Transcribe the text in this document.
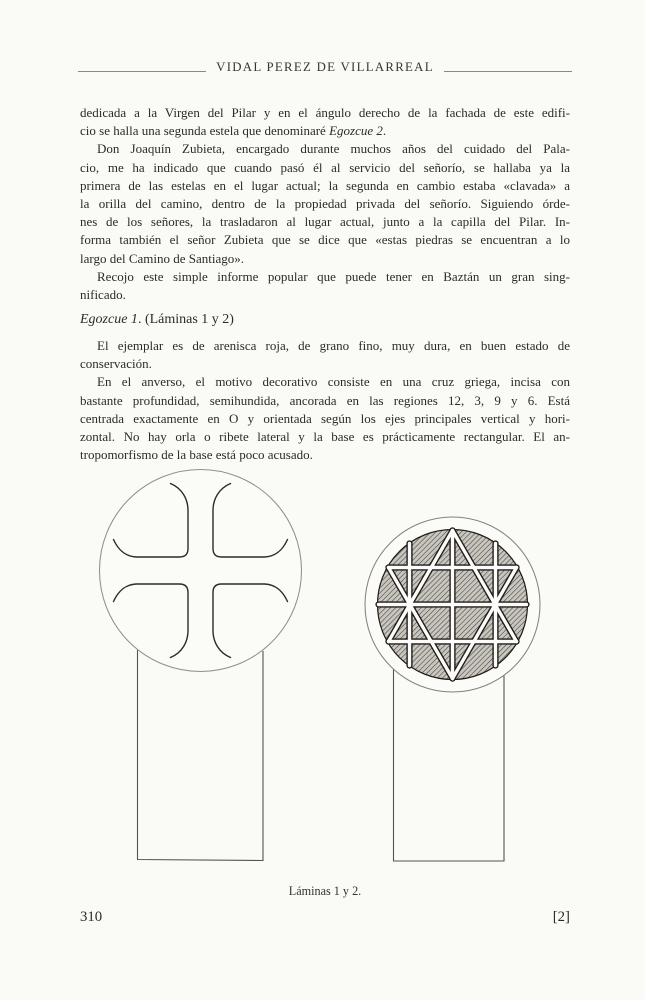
VIDAL PEREZ DE VILLARREAL
dedicada a la Virgen del Pilar y en el ángulo derecho de la fachada de este edifi-
cio se halla una segunda estela que denominaré Egozcue 2.
Don Joaquín Zubieta, encargado durante muchos años del cuidado del Pala-
cio, me ha indicado que cuando pasó él al servicio del señorío, se hallaba ya la
primera de las estelas en el lugar actual; la segunda en cambio estaba «clavada» a
la orilla del camino, dentro de la propiedad privada del señorío. Siguiendo órde-
nes de los señores, la trasladaron al lugar actual, junto a la capilla del Pilar. In-
forma también el señor Zubieta que se dice que «estas piedras se encuentran a lo
largo del Camino de Santiago».
Recojo este simple informe popular que puede tener en Baztán un gran sing-
nificado.
Egozcue 1. (Láminas 1 y 2)
El ejemplar es de arenisca roja, de grano fino, muy dura, en buen estado de
conservación.
En el anverso, el motivo decorativo consiste en una cruz griega, incisa con
bastante profundidad, semihundida, ancorada en las regiones 12, 3, 9 y 6. Está
centrada exactamente en O y orientada según los ejes principales vertical y hori-
zontal. No hay orla o ribete lateral y la base es prácticamente rectangular. El an-
tropomorfismo de la base está poco acusado.
Láminas 1 y 2.
310	[2]
